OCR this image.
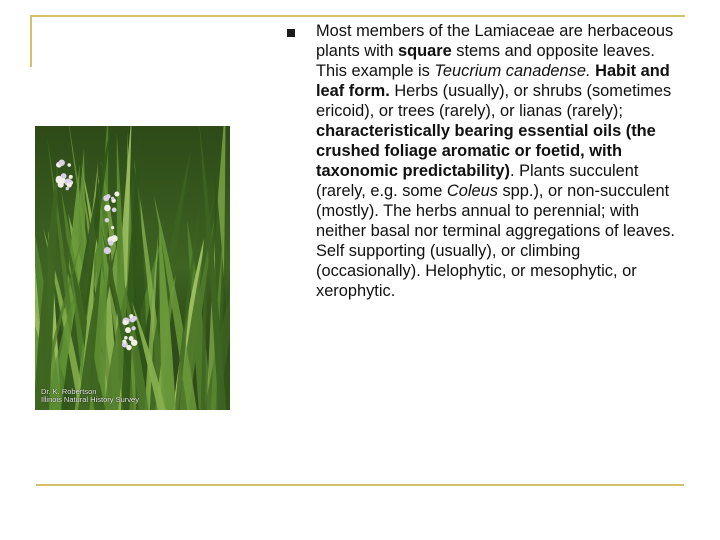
Most members of the Lamiaceae are herbaceous plants with square stems and opposite leaves. This example is Teucrium canadense. Habit and leaf form. Herbs (usually), or shrubs (sometimes ericoid), or trees (rarely), or lianas (rarely); characteristically bearing essential oils (the crushed foliage aromatic or foetid, with taxonomic predictability). Plants succulent (rarely, e.g. some Coleus spp.), or non-succulent (mostly). The herbs annual to perennial; with neither basal nor terminal aggregations of leaves. Self supporting (usually), or climbing (occasionally). Helophytic, or mesophytic, or xerophytic.

Dr. K. Robertson
Illinois Natural History Survey
